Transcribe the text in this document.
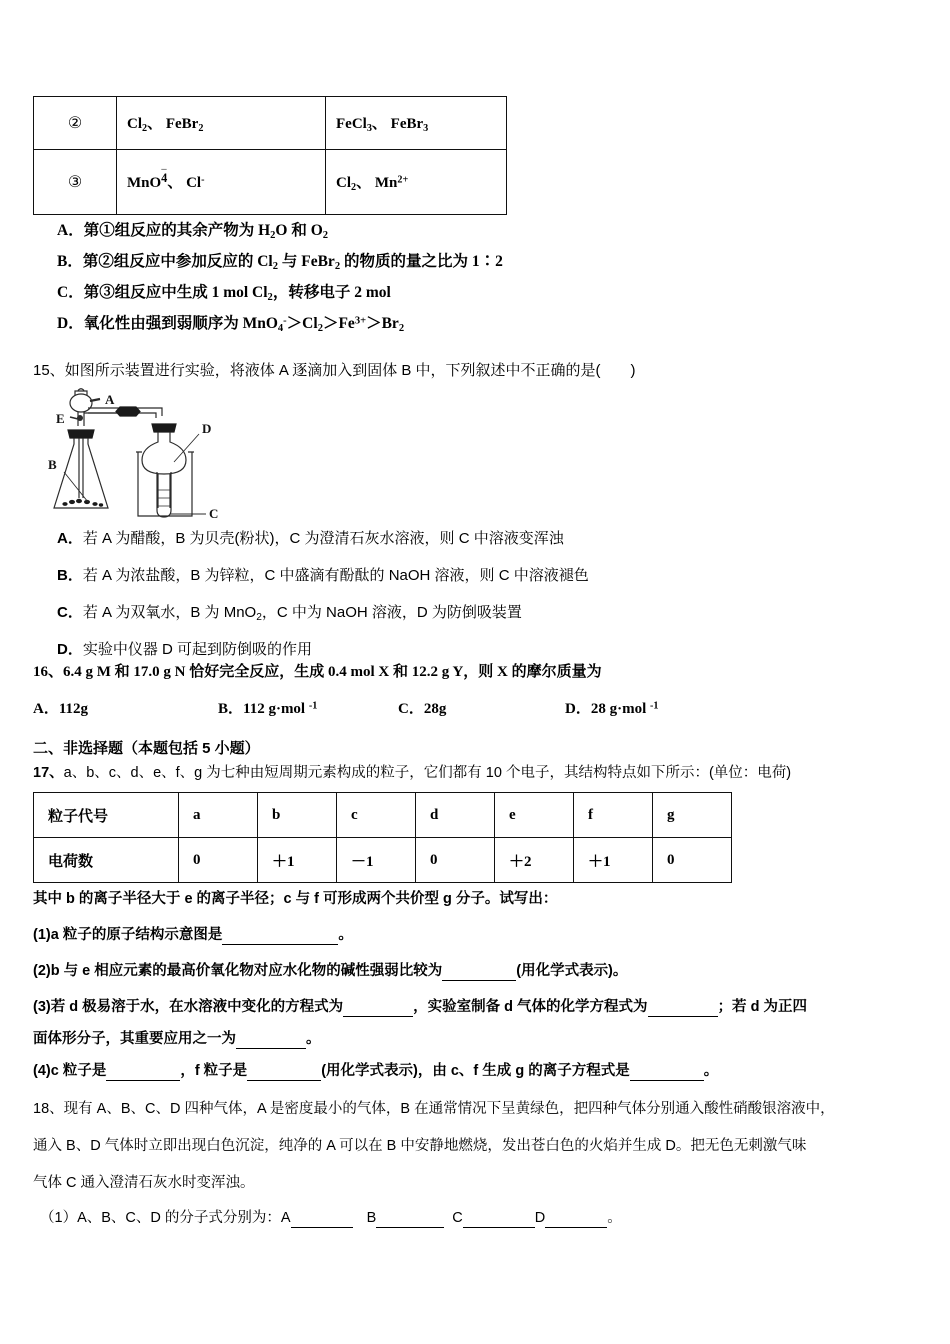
②	$Cl_2$、 FeBr$_2$	FeCl$_3$、 FeBr$_3$
③	MnO– 4、 Cl-	$Cl_2$、 $Mn^{2+}$
A．第①组反应的其余产物为 $H_2O$ 和 $O_2$
B．第②组反应中参加反应的 $Cl_2$ 与 FeBr$_2$ 的物质的量之比为 1∶2
C．第③组反应中生成 1 mol $Cl_2$，转移电子 2 mol
D．氧化性由强到弱顺序为 $MnO_4^->Cl_2>Fe^{3+}>Br_2$
15、如图所示装置进行实验，将液体 A 逐滴加入到固体 B 中，下列叙述中不正确的是(　　)
A
E
B
D
C
A．若 A 为醋酸，B 为贝壳(粉状)，C 为澄清石灰水溶液，则 C 中溶液变浑浊
B．若 A 为浓盐酸，B 为锌粒，C 中盛滴有酚酞的 NaOH 溶液，则 C 中溶液褪色
C．若 A 为双氧水，B 为 MnO$_2$，C 中为 NaOH 溶液，D 为防倒吸装置
D．实验中仪器 D 可起到防倒吸的作用
16、6.4 g M 和 17.0 g N 恰好完全反应，生成 0.4 mol X 和 12.2 g Y，则 X 的摩尔质量为
A．112g	B．112 g·mol $^{-1}$	C．28g	D．28 g·mol $^{-1}$
二、非选择题（本题包括 5 小题）
17、a、b、c、d、e、f、g 为七种由短周期元素构成的粒子，它们都有 10 个电子，其结构特点如下所示：(单位：电荷)
粒子代号	a	b	c	d	e	f	g
电荷数	0	＋1	－1	0	＋2	＋1	0
其中 b 的离子半径大于 e 的离子半径；c 与 f 可形成两个共价型 g 分子。试写出：
(1)a 粒子的原子结构示意图是	。
(2)b 与 e 相应元素的最高价氧化物对应水化物的碱性强弱比较为	(用化学式表示)。
(3)若 d 极易溶于水，在水溶液中变化的方程式为	，实验室制备 d 气体的化学方程式为	；若 d 为正四
面体形分子，其重要应用之一为	。
(4)c 粒子是	，f 粒子是	(用化学式表示)，由 c、f 生成 g 的离子方程式是	。
18、现有 A、B、C、D 四种气体，A 是密度最小的气体，B 在通常情况下呈黄绿色，把四种气体分别通入酸性硝酸银溶液中，
通入 B、D 气体时立即出现白色沉淀，纯净的 A 可以在 B 中安静地燃烧，发出苍白色的火焰并生成 D。把无色无刺激气味
气体 C 通入澄清石灰水时变浑浊。
（1）A、B、C、D 的分子式分别为：A	B	C	D	。
